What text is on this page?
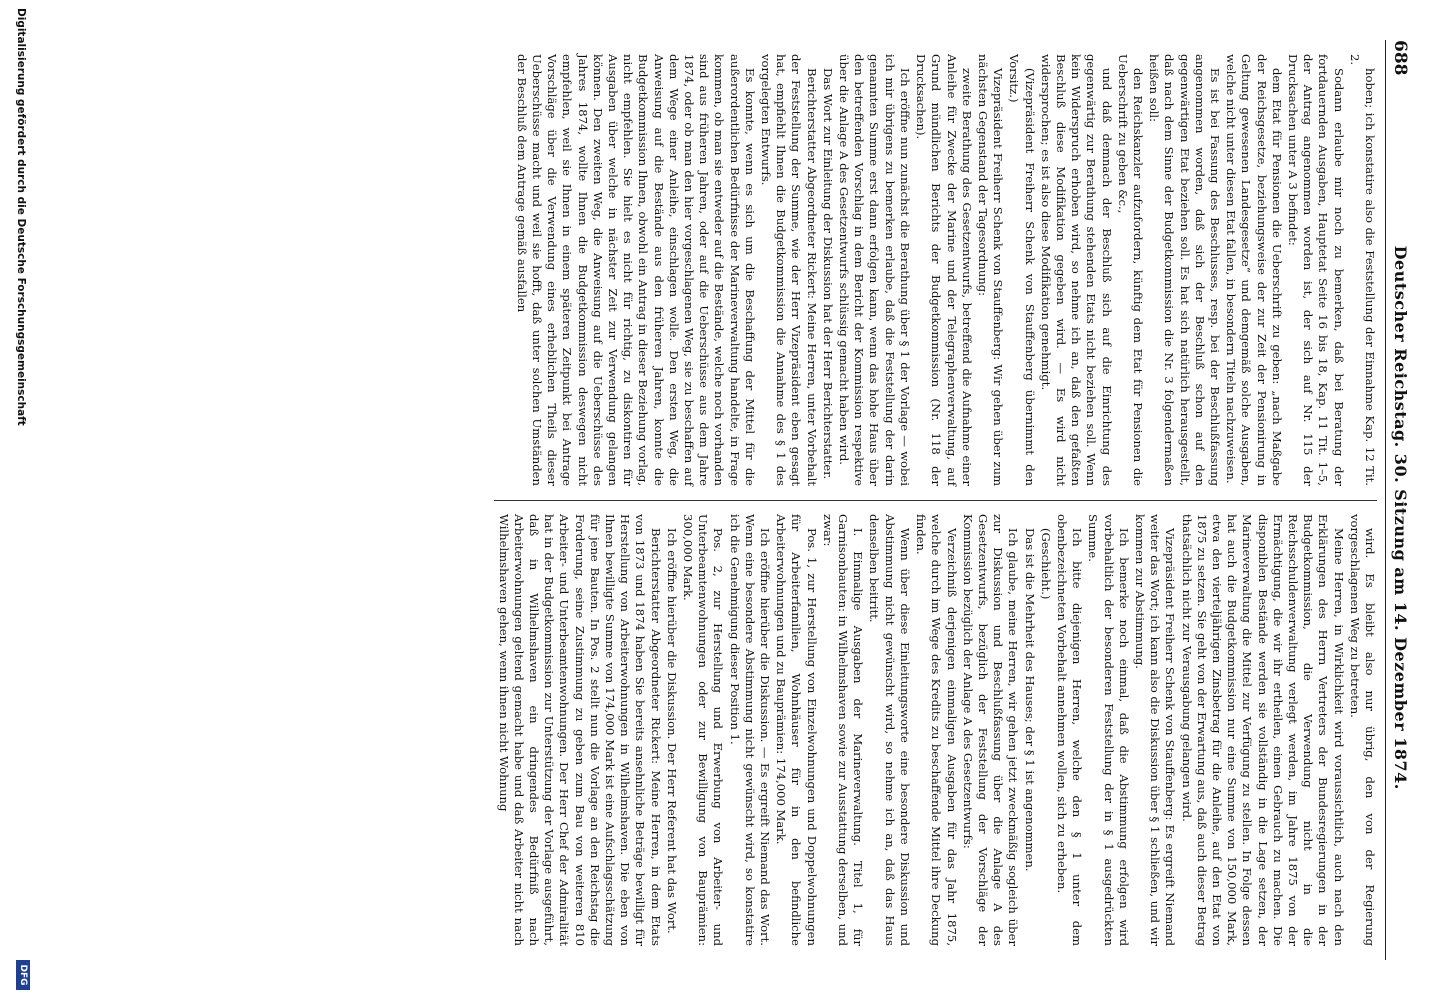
688
Deutscher Reichstag. 30. Sitzung am 14. Dezember 1874.

hoben; ich konstatire also die Feststellung der Einnahme Kap. 12 Tit. 2.

Sodann erlaube mir noch zu bemerken, daß bei Beratung der fortdauernden Ausgaben, Hauptetat Seite 16 bis 18, Kap. 11 Tit. 1–5, der Antrag angenommen worden ist, der sich auf Nr. 115 der Drucksachen unter A 3 befindet:

dem Etat für Pensionen die Ueberschrift zu geben: „nach Maßgabe der Reichsgesetze, beziehungsweise der zur Zeit der Pensionirung in Geltung gewesenen Landesgesetze“ und demgemäß solche Ausgaben, welche nicht unter diesen Etat fallen, in besondern Titeln nachzuweisen.

Es ist bei Fassung des Beschlusses, resp. bei der Beschlußfassung angenommen worden, daß sich der Beschluß schon auf den gegenwärtigen Etat beziehen soll. Es hat sich natürlich herausgestellt, daß nach dem Sinne der Budgetkommission die Nr. 3 folgendermaßen heißen soll:

den Reichskanzler aufzufordern, künftig dem Etat für Pensionen die Ueberschrift zu geben &c.,

und daß demnach der Beschluß sich auf die Einrichtung des gegenwärtig zur Berathung stehenden Etats nicht beziehen soll. Wenn kein Widerspruch erhoben wird, so nehme ich an, daß den gefaßten Beschluß diese Modifikation gegeben wird. — Es wird nicht widersprochen; es ist also diese Modifikation genehmigt.

(Vizepräsident Freiherr Schenk von Stauffenberg übernimmt den Vorsitz.)

Vizepräsident Freiherr Schenk von Stauffenberg: Wir gehen über zum nächsten Gegenstand der Tagesordnung:

zweite Berathung des Gesetzentwurfs, betreffend die Aufnahme einer Anleihe für Zwecke der Marine und der Telegraphenverwaltung, auf Grund mündlichen Berichts der Budgetkommission (Nr. 118 der Drucksachen).

Ich eröffne nun zunächst die Berathung über § 1 der Vorlage — wobei ich mir übrigens zu bemerken erlaube, daß die Feststellung der darin genannten Summe erst dann erfolgen kann, wenn das hohe Haus über den betreffenden Vorschlag in dem Bericht der Kommission respektive über die Anlage A des Gesetzentwurfs schlüssig gemacht haben wird.

Das Wort zur Einleitung der Diskussion hat der Herr Berichterstatter.

Berichterstatter Abgeordneter Rickert: Meine Herren, unter Vorbehalt der Feststellung der Summe, wie der Herr Vizepräsident eben gesagt hat, empfiehlt Ihnen die Budgetkommission die Annahme des § 1 des vorgelegten Entwurfs.

Es konnte, wenn es sich um die Beschaffung der Mittel für die außerordentlichen Bedürfnisse der Marineverwaltung handelte, in Frage kommen, ob man sie entweder auf die Bestände, welche noch vorhanden sind aus früheren Jahren, oder auf die Ueberschüsse aus dem Jahre 1874, oder ob man den hier vorgeschlagenen Weg, sie zu beschaffen auf dem Wege einer Anleihe, einschlagen wolle. Den ersten Weg, die Anweisung auf die Bestände aus den früheren Jahren, konnte die Budgetkommission Ihnen, obwohl ein Antrag in dieser Beziehung vorlag, nicht empfehlen. Sie hielt es nicht für richtig, zu diskontiren für Ausgaben über welche in nächster Zeit zur Verwendung gelangen können. Den zweiten Weg, die Anweisung auf die Ueberschüsse des Jahres 1874, wollte Ihnen die Budgetkommission deswegen nicht empfehlen, weil sie Ihnen in einem späteren Zeitpunkt bei Antrage Vorschläge über die Verwendung eines erheblichen Theils dieser Ueberschüsse macht und weil sie hofft, daß unter solchen Umständen der Beschluß dem Antrage gemäß ausfallen

wird. Es bleibt also nur übrig, den von der Regierung vorgeschlagenen Weg zu betreten.

Meine Herren, in Wirklichkeit wird voraussichtlich, auch nach den Erklärungen des Herrn Vertreters der Bundesregierungen in der Budgetkommission, die Verwendung nicht in die Reichsschuldenverwaltung verlegt werden, im Jahre 1875 von der Ermächtigung, die wir ihr ertheilen, einen Gebrauch zu machen. Die disponiblen Bestände werden sie vollständig in die Lage setzen, der Marineverwaltung die Mittel zur Verfügung zu stellen. In Folge dessen hat auch die Budgetkommission nur eine Summe von 150,000 Mark, etwa den vierteljährigen Zinsbetrag für die Anleihe, auf den Etat von 1875 zu setzen. Sie geht von der Erwartung aus, daß auch dieser Betrag thatsächlich nicht zur Verausgabung gelangen wird.

Vizepräsident Freiherr Schenk von Stauffenberg: Es ergreift Niemand weiter das Wort; ich kann also die Diskussion über § 1 schließen, und wir kommen zur Abstimmung.

Ich bemerke noch einmal, daß die Abstimmung erfolgen wird vorbehaltlich der besonderen Feststellung der in § 1 ausgedrückten Summe.

Ich bitte diejenigen Herren, welche den § 1 unter dem obenbezeichneten Vorbehalt annehmen wollen, sich zu erheben.

(Geschieht.)

Das ist die Mehrheit des Hauses; der § 1 ist angenommen.

Ich glaube, meine Herren, wir gehen jetzt zweckmäßig sogleich über zur Diskussion und Beschlußfassung über die Anlage A des Gesetzentwurfs, bezüglich der Feststellung der Vorschläge der Kommission bezüglich der Anlage A des Gesetzentwurfs:

Verzeichniß derjenigen einmaligen Ausgaben für das Jahr 1875, welche durch im Wege des Kredits zu beschaffende Mittel ihre Deckung finden.

Wenn über diese Einleitungsworte eine besondere Diskussion und Abstimmung nicht gewünscht wird, so nehme ich an, daß das Haus denselben beitritt.

I. Einmalige Ausgaben der Marineverwaltung. Titel 1, für Garnisonbauten: in Wilhelmshaven sowie zur Ausstattung derselben, und zwar:

Pos. 1, zur Herstellung von Einzelwohnungen und Doppelwohnungen für Arbeiterfamilien, Wohnhäuser für in den befindliche Arbeiterwohnungen und zu Bauprämien: 174,000 Mark.

Ich eröffne hierüber die Diskussion. — Es ergreift Niemand das Wort. Wenn eine besondere Abstimmung nicht gewünscht wird, so konstatire ich die Genehmigung dieser Position 1.

Pos. 2, zur Herstellung und Erwerbung von Arbeiter- und Unterbeamtenwohnungen oder zur Bewilligung von Bauprämien: 300,000 Mark.

Ich eröffne hierüber die Diskussion. Der Herr Referent hat das Wort.

Berichterstatter Abgeordneter Rickert: Meine Herren, in dem Etats von 1873 und 1874 haben Sie bereits ansehnliche Beträge bewilligt für Herstellung von Arbeiterwohnungen in Wilhelmshaven. Die eben von Ihnen bewilligte Summe von 174,000 Mark ist eine Aufschlagsschätzung für jene Bauten. In Pos. 2 stellt nun die Vorlage an den Reichstag die Forderung, seine Zustimmung zu geben zum Bau von weiteren 810 Arbeiter- und Unterbeamtenwohnungen. Der Herr Chef der Admiralität hat in der Budgetkommission zur Unterstützung der Vorlage ausgeführt, daß in Wilhelmshaven ein dringendes Bedürfniß nach Arbeiterwohnungen geltend gemacht habe und daß Arbeiter nicht nach Wilhelmshaven gehen, wenn ihnen nicht Wohnung

Digitalisierung gefördert durch die Deutsche Forschungsgemeinschaft
DFG
